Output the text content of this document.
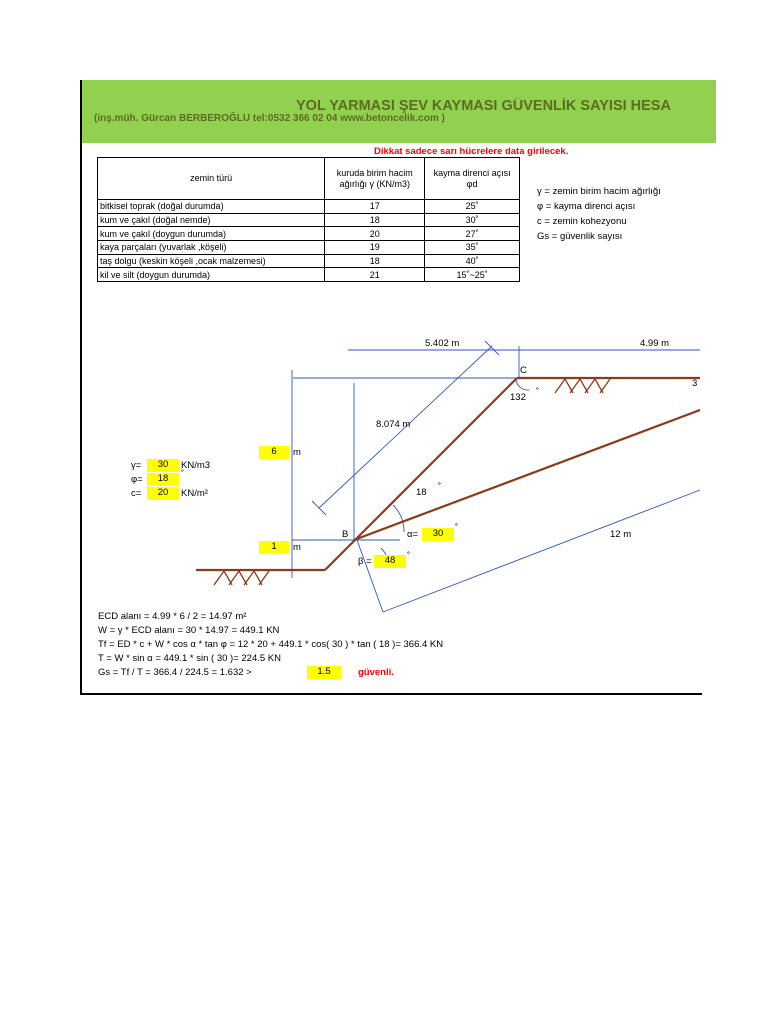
YOL YARMASI ŞEV KAYMASI GÜVENLİK SAYISI HESA
(inş.müh. Gürcan BERBEROĞLU tel:0532 366 02 04 www.betoncelik.com )
Dikkat sadece sarı hücrelere data girilecek.
zemin türü	kuruda birim hacim ağırlığı γ (KN/m3)	kayma direnci açısı φd
bitkisel toprak (doğal durumda)	17	25˚
kum ve çakıl (doğal nemde)	18	30˚
kum ve çakıl (doygun durumda)	20	27˚
kaya parçaları (yuvarlak ,köşeli)	19	35˚
taş dolgu (keskin köşeli ,ocak malzemesi)	18	40˚
kil ve silt (doygun durumda)	21	15˚~25˚
γ = zemin birim hacim ağırlığı
φ = kayma direnci açısı
c = zemin kohezyonu
Gs = güvenlik sayısı
5.402 m	4.99 m
C
3
132 ˚
8.074 m
6	m
18 ˚
B	α=	30	˚
1	m
12 m
β =	48	˚
γ=	30	KN/m3
φ=	18	˚
c=	20	KN/m²
ECD alanı = 4.99 * 6 / 2 = 14.97 m²
W = γ * ECD alanı = 30 * 14.97 = 449.1 KN
Tf = ED * c + W * cos α * tan φ = 12 * 20 + 449.1 * cos( 30 ) * tan ( 18 )= 366.4 KN
T = W * sin α = 449.1 * sin ( 30 )= 224.5 KN
Gs = Tf / T = 366.4 / 224.5 = 1.632 >	1.5	güvenli.
